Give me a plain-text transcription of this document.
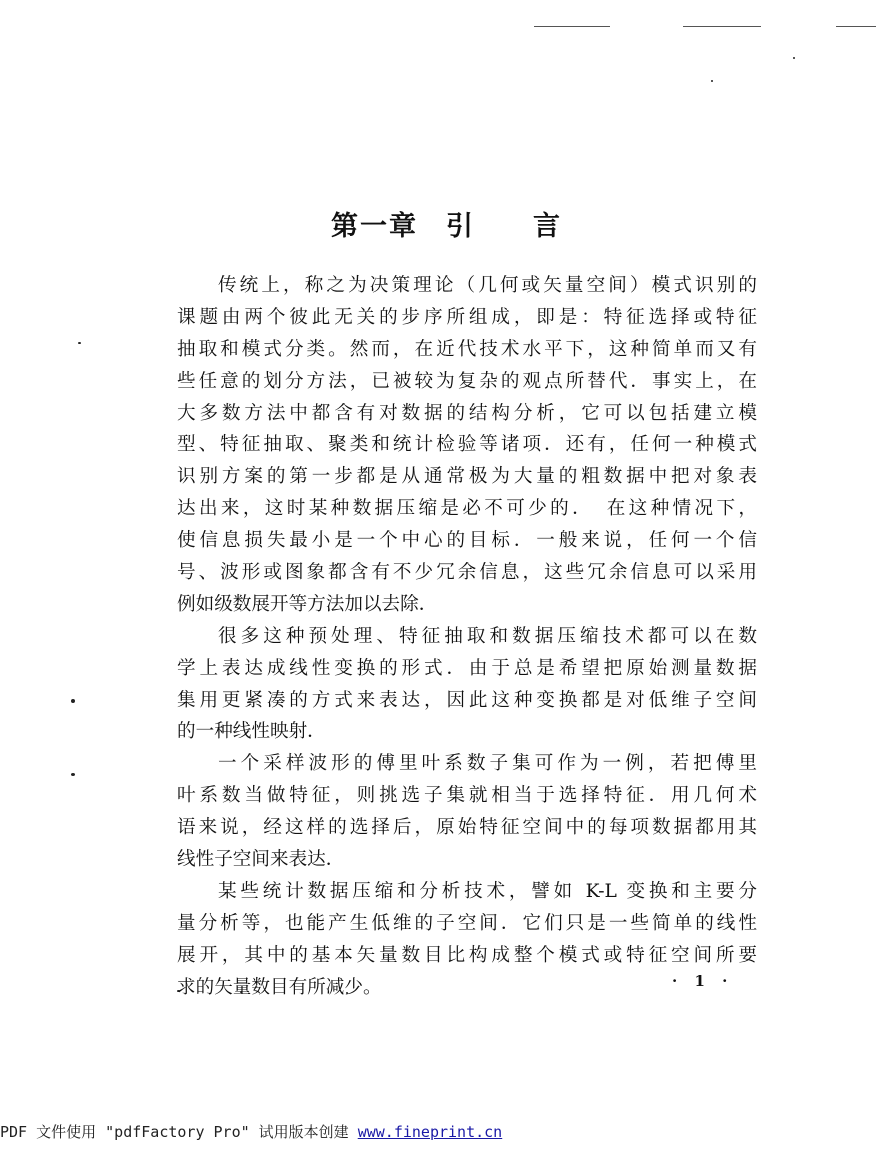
第一章 引 言
传统上，称之为决策理论（几何或矢量空间）模式识别的
课题由两个彼此无关的步序所组成，即是：特征选择或特征
抽取和模式分类。然而，在近代技术水平下，这种简单而又有
些任意的划分方法，已被较为复杂的观点所替代．事实上，在
大多数方法中都含有对数据的结构分析，它可以包括建立模
型、特征抽取、聚类和统计检验等诸项．还有，任何一种模式
识别方案的第一步都是从通常极为大量的粗数据中把对象表
达出来，这时某种数据压缩是必不可少的．　在这种情况下，
使信息损失最小是一个中心的目标．一般来说，任何一个信
号、波形或图象都含有不少冗余信息，这些冗余信息可以采用
例如级数展开等方法加以去除．
很多这种预处理、特征抽取和数据压缩技术都可以在数
学上表达成线性变换的形式．由于总是希望把原始测量数据
集用更紧凑的方式来表达，因此这种变换都是对低维子空间
的一种线性映射．
一个采样波形的傅里叶系数子集可作为一例，若把傅里
叶系数当做特征，则挑选子集就相当于选择特征．用几何术
语来说，经这样的选择后，原始特征空间中的每项数据都用其
线性子空间来表达．
某些统计数据压缩和分析技术，譬如 K-L 变换和主要分
量分析等，也能产生低维的子空间．它们只是一些简单的线性
展开，其中的基本矢量数目比构成整个模式或特征空间所要
求的矢量数目有所减少。	· 1 ·
PDF 文件使用 "pdfFactory Pro" 试用版本创建 www.fineprint.cn
